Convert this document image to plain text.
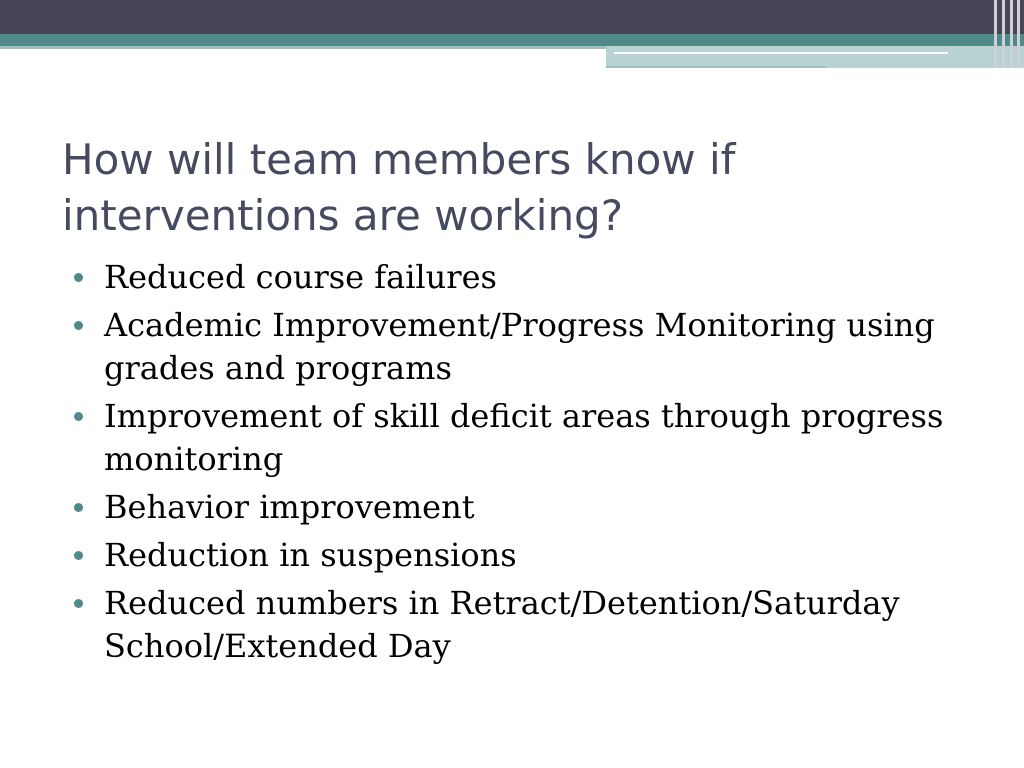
How will team members know if interventions are working?
Reduced course failures
Academic Improvement/Progress Monitoring using grades and programs
Improvement of skill deficit areas through progress monitoring
Behavior improvement
Reduction in suspensions
Reduced numbers in Retract/Detention/Saturday School/Extended Day
